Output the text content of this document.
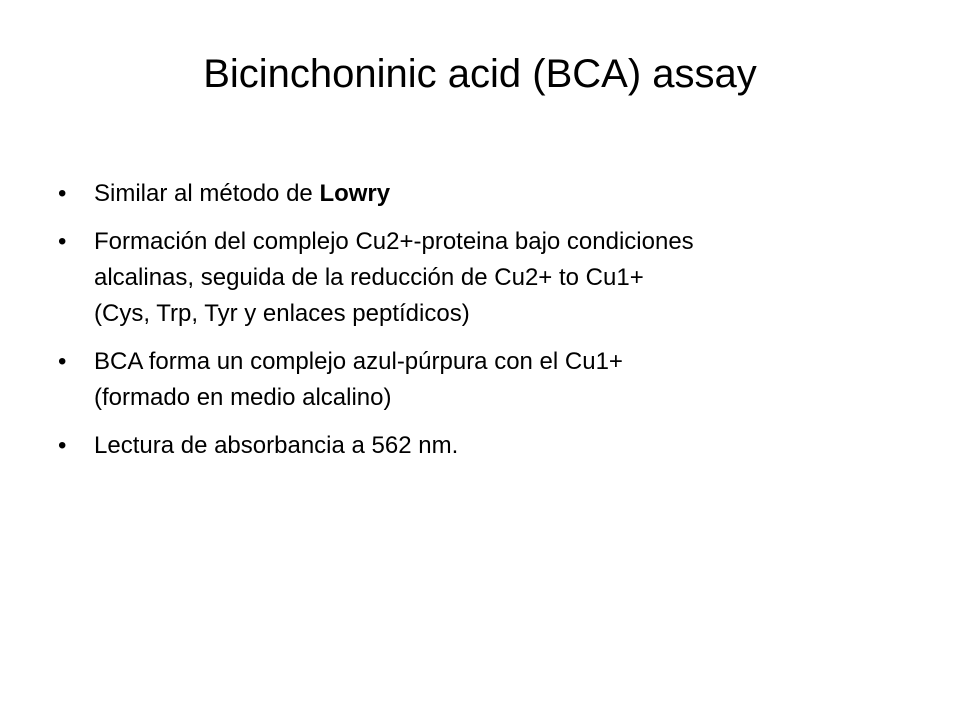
Bicinchoninic acid (BCA) assay
•	Similar al método de Lowry
•	Formación del complejo Cu2+-proteina bajo condiciones
alcalinas, seguida de la reducción de Cu2+ to Cu1+
(Cys, Trp, Tyr y enlaces peptídicos)
•	BCA forma un complejo azul-púrpura con el Cu1+
(formado en medio alcalino)
•	Lectura de absorbancia a 562 nm.
